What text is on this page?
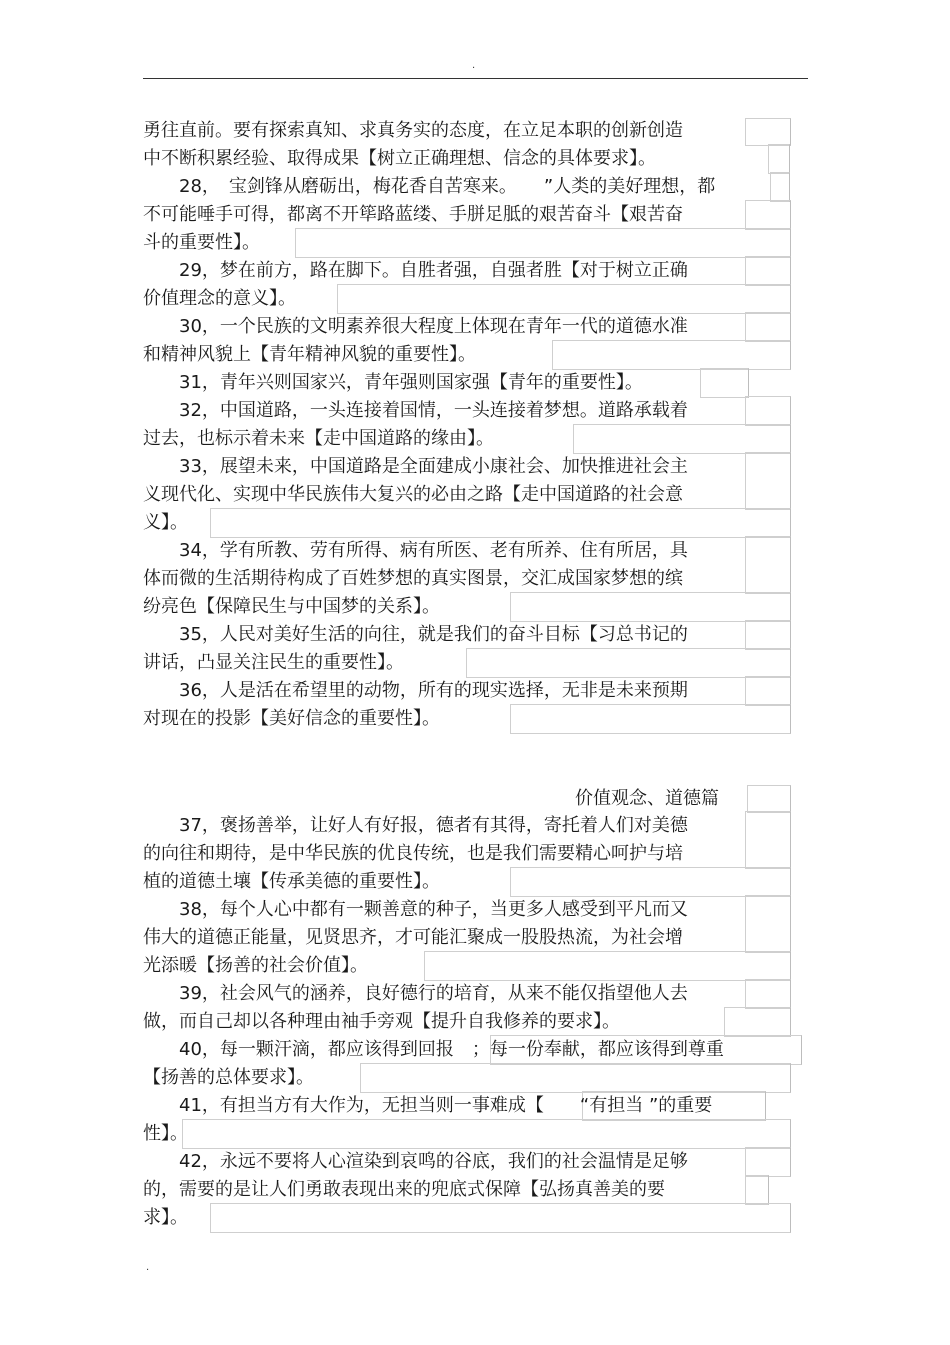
.
勇往直前。要有探索真知、求真务实的态度，在立足本职的创新创造
中不断积累经验、取得成果【树立正确理想、信念的具体要求】。
　　28，　宝剑锋从磨砺出，梅花香自苦寒来。　　”人类的美好理想，都
不可能唾手可得，都离不开筚路蓝缕、手胼足胝的艰苦奋斗【艰苦奋
斗的重要性】。
　　29，梦在前方，路在脚下。自胜者强，自强者胜【对于树立正确
价值理念的意义】。
　　30，一个民族的文明素养很大程度上体现在青年一代的道德水准
和精神风貌上【青年精神风貌的重要性】。
　　31，青年兴则国家兴，青年强则国家强【青年的重要性】。
　　32，中国道路，一头连接着国情，一头连接着梦想。道路承载着
过去，也标示着未来【走中国道路的缘由】。
　　33，展望未来，中国道路是全面建成小康社会、加快推进社会主
义现代化、实现中华民族伟大复兴的必由之路【走中国道路的社会意
义】。
　　34，学有所教、劳有所得、病有所医、老有所养、住有所居，具
体而微的生活期待构成了百姓梦想的真实图景，交汇成国家梦想的缤
纷亮色【保障民生与中国梦的关系】。
　　35，人民对美好生活的向往，就是我们的奋斗目标【习总书记的
讲话，凸显关注民生的重要性】。
　　36，人是活在希望里的动物，所有的现实选择，无非是未来预期
对现在的投影【美好信念的重要性】。
价值观念、道德篇
　　37，褒扬善举，让好人有好报，德者有其得，寄托着人们对美德
的向往和期待，是中华民族的优良传统，也是我们需要精心呵护与培
植的道德土壤【传承美德的重要性】。
　　38，每个人心中都有一颗善意的种子，当更多人感受到平凡而又
伟大的道德正能量，见贤思齐，才可能汇聚成一股股热流，为社会增
光添暖【扬善的社会价值】。
　　39，社会风气的涵养，良好德行的培育，从来不能仅指望他人去
做，而自己却以各种理由袖手旁观【提升自我修养的要求】。
　　40，每一颗汗滴，都应该得到回报　；每一份奉献，都应该得到尊重
【扬善的总体要求】。
　　41，有担当方有大作为，无担当则一事难成【　　“有担当 ”的重要
性】。
　　42，永远不要将人心渲染到哀鸣的谷底，我们的社会温情是足够
的，需要的是让人们勇敢表现出来的兜底式保障【弘扬真善美的要
求】。
.
